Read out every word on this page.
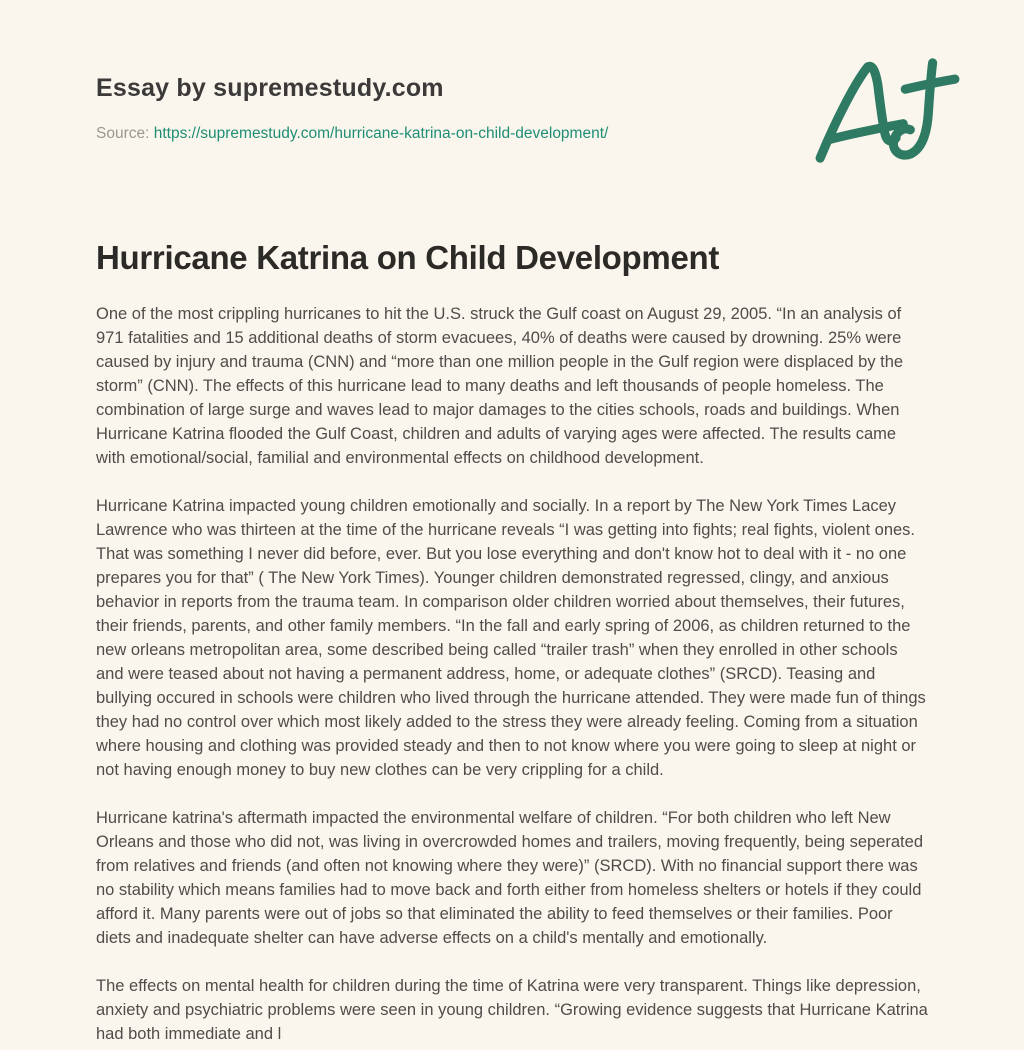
Essay by supremestudy.com
Source: https://supremestudy.com/hurricane-katrina-on-child-development/
Hurricane Katrina on Child Development

One of the most crippling hurricanes to hit the U.S. struck the Gulf coast on August 29, 2005. “In an analysis of 971 fatalities and 15 additional deaths of storm evacuees, 40% of deaths were caused by drowning. 25% were caused by injury and trauma (CNN) and “more than one million people in the Gulf region were displaced by the storm” (CNN). The effects of this hurricane lead to many deaths and left thousands of people homeless. The combination of large surge and waves lead to major damages to the cities schools, roads and buildings. When Hurricane Katrina flooded the Gulf Coast, children and adults of varying ages were affected. The results came with emotional/social, familial and environmental effects on childhood development.

Hurricane Katrina impacted young children emotionally and socially. In a report by The New York Times Lacey Lawrence who was thirteen at the time of the hurricane reveals “I was getting into fights; real fights, violent ones. That was something I never did before, ever. But you lose everything and don't know hot to deal with it - no one prepares you for that” ( The New York Times). Younger children demonstrated regressed, clingy, and anxious behavior in reports from the trauma team. In comparison older children worried about themselves, their futures, their friends, parents, and other family members. “In the fall and early spring of 2006, as children returned to the new orleans metropolitan area, some described being called “trailer trash” when they enrolled in other schools and were teased about not having a permanent address, home, or adequate clothes” (SRCD). Teasing and bullying occured in schools were children who lived through the hurricane attended. They were made fun of things they had no control over which most likely added to the stress they were already feeling. Coming from a situation where housing and clothing was provided steady and then to not know where you were going to sleep at night or not having enough money to buy new clothes can be very crippling for a child.

Hurricane katrina's aftermath impacted the environmental welfare of children. “For both children who left New Orleans and those who did not, was living in overcrowded homes and trailers, moving frequently, being seperated from relatives and friends (and often not knowing where they were)” (SRCD). With no financial support there was no stability which means families had to move back and forth either from homeless shelters or hotels if they could afford it. Many parents were out of jobs so that eliminated the ability to feed themselves or their families. Poor diets and inadequate shelter can have adverse effects on a child's mentally and emotionally.

The effects on mental health for children during the time of Katrina were very transparent. Things like depression, anxiety and psychiatric problems were seen in young children. “Growing evidence suggests that Hurricane Katrina had both immediate and l
